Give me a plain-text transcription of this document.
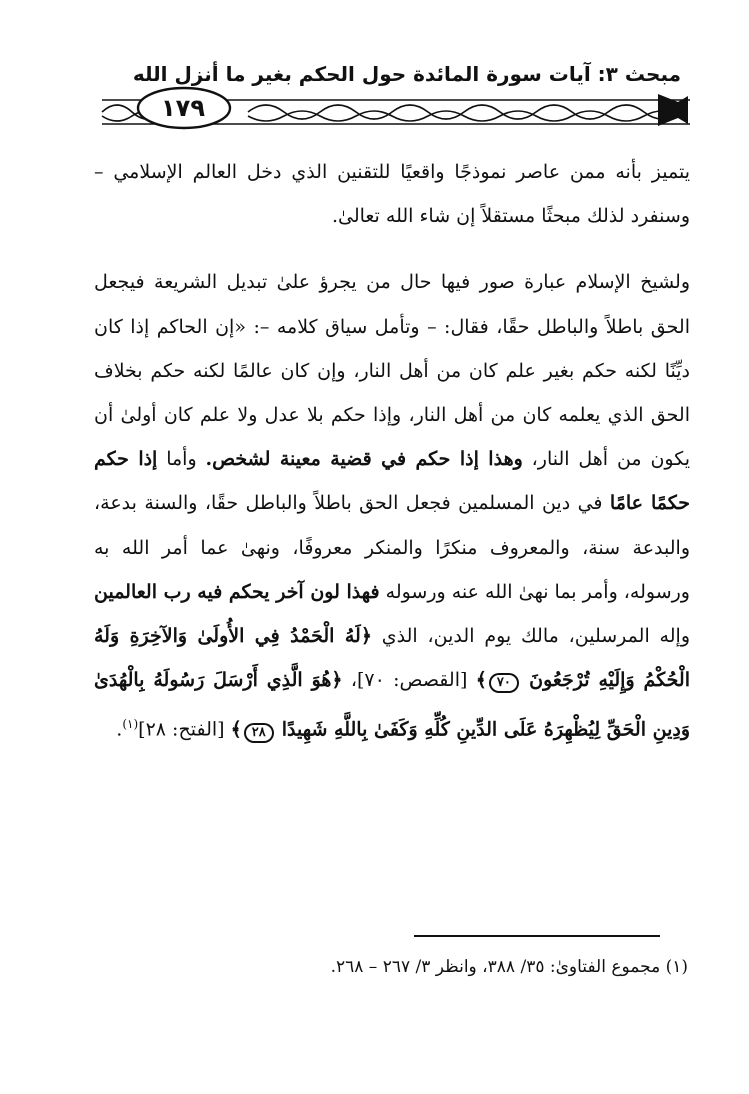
مبحث ٣: آيات سورة المائدة حول الحكم بغير ما أنزل الله
١٧٩

يتميز بأنه ممن عاصر نموذجًا واقعيًا للتقنين الذي دخل العالم الإسلامي – وسنفرد لذلك مبحثًا مستقلاً إن شاء الله تعالىٰ.

ولشيخ الإسلام عبارة صور فيها حال من يجرؤ علىٰ تبديل الشريعة فيجعل الحق باطلاً والباطل حقًا، فقال: – وتأمل سياق كلامه –: «إن الحاكم إذا كان ديِّنًا لكنه حكم بغير علم كان من أهل النار، وإن كان عالمًا لكنه حكم بخلاف الحق الذي يعلمه كان من أهل النار، وإذا حكم بلا عدل ولا علم كان أولىٰ أن يكون من أهل النار، وهذا إذا حكم في قضية معينة لشخص. وأما إذا حكم حكمًا عامًا في دين المسلمين فجعل الحق باطلاً والباطل حقًا، والسنة بدعة، والبدعة سنة، والمعروف منكرًا والمنكر معروفًا، ونهىٰ عما أمر الله به ورسوله، وأمر بما نهىٰ الله عنه ورسوله فهذا لون آخر يحكم فيه رب العالمين وإله المرسلين، مالك يوم الدين، الذي ﴿لَهُ الْحَمْدُ فِي الأُولَىٰ وَالآخِرَةِ وَلَهُ الْحُكْمُ وَإِلَيْهِ تُرْجَعُونَ ٧٠﴾ [القصص: ٧٠]، ﴿هُوَ الَّذِي أَرْسَلَ رَسُولَهُ بِالْهُدَىٰ وَدِينِ الْحَقِّ لِيُظْهِرَهُ عَلَى الدِّينِ كُلِّهِ وَكَفَىٰ بِاللَّهِ شَهِيدًا ٢٨﴾ [الفتح: ٢٨]$^{(١)}$.

(١) مجموع الفتاوىٰ: ٣٥/ ٣٨٨، وانظر ٣/ ٢٦٧ – ٢٦٨.
